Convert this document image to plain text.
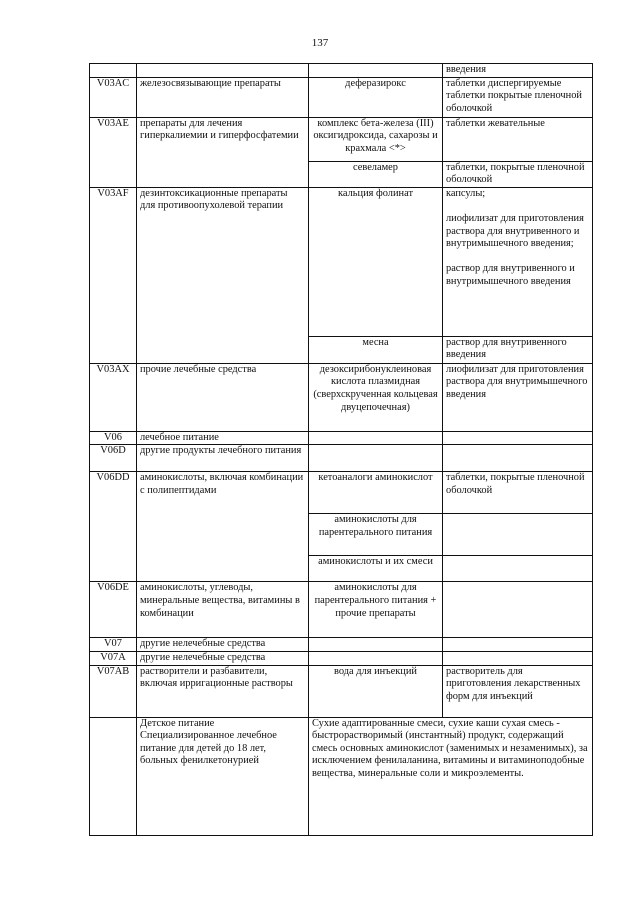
137
			введения
V03AC	железосвязывающие препараты	деферазирокс	таблетки диспергируемые
таблетки покрытые пленочной оболочкой
V03AE	препараты для лечения гиперкалиемии и гиперфосфатемии	комплекс бета-железа (III) оксигидроксида, сахарозы и крахмала <*>	таблетки жевательные
		севеламер	таблетки, покрытые пленочной оболочкой
V03AF	дезинтоксикационные препараты для противоопухолевой терапии	кальция фолинат	капсулы;
лиофилизат для приготовления раствора для внутривенного и внутримышечного введения;
раствор для внутривенного и внутримышечного введения
		месна	раствор для внутривенного введения
V03AX	прочие лечебные средства	дезоксирибонуклеиновая кислота плазмидная (сверхскрученная кольцевая двуцепочечная)	лиофилизат для приготовления раствора для внутримышечного введения
V06	лечебное питание		
V06D	другие продукты лечебного питания		
V06DD	аминокислоты, включая комбинации с полипептидами	кетоаналоги аминокислот	таблетки, покрытые пленочной оболочкой
		аминокислоты для парентерального питания	
		аминокислоты и их смеси	
V06DE	аминокислоты, углеводы, минеральные вещества, витамины в комбинации	аминокислоты для парентерального питания + прочие препараты	
V07	другие нелечебные средства		
V07A	другие нелечебные средства		
V07AB	растворители и разбавители, включая ирригационные растворы	вода для инъекций	растворитель для приготовления лекарственных форм для инъекций
	Детское питание Специализированное лечебное питание для детей до 18 лет, больных фенилкетонурией	Сухие адаптированные смеси, сухие каши сухая смесь - быстрорастворимый (инстантный) продукт, содержащий смесь основных аминокислот (заменимых и незаменимых), за исключением фенилаланина, витамины и витаминоподобные вещества, минеральные соли и микроэлементы.	
